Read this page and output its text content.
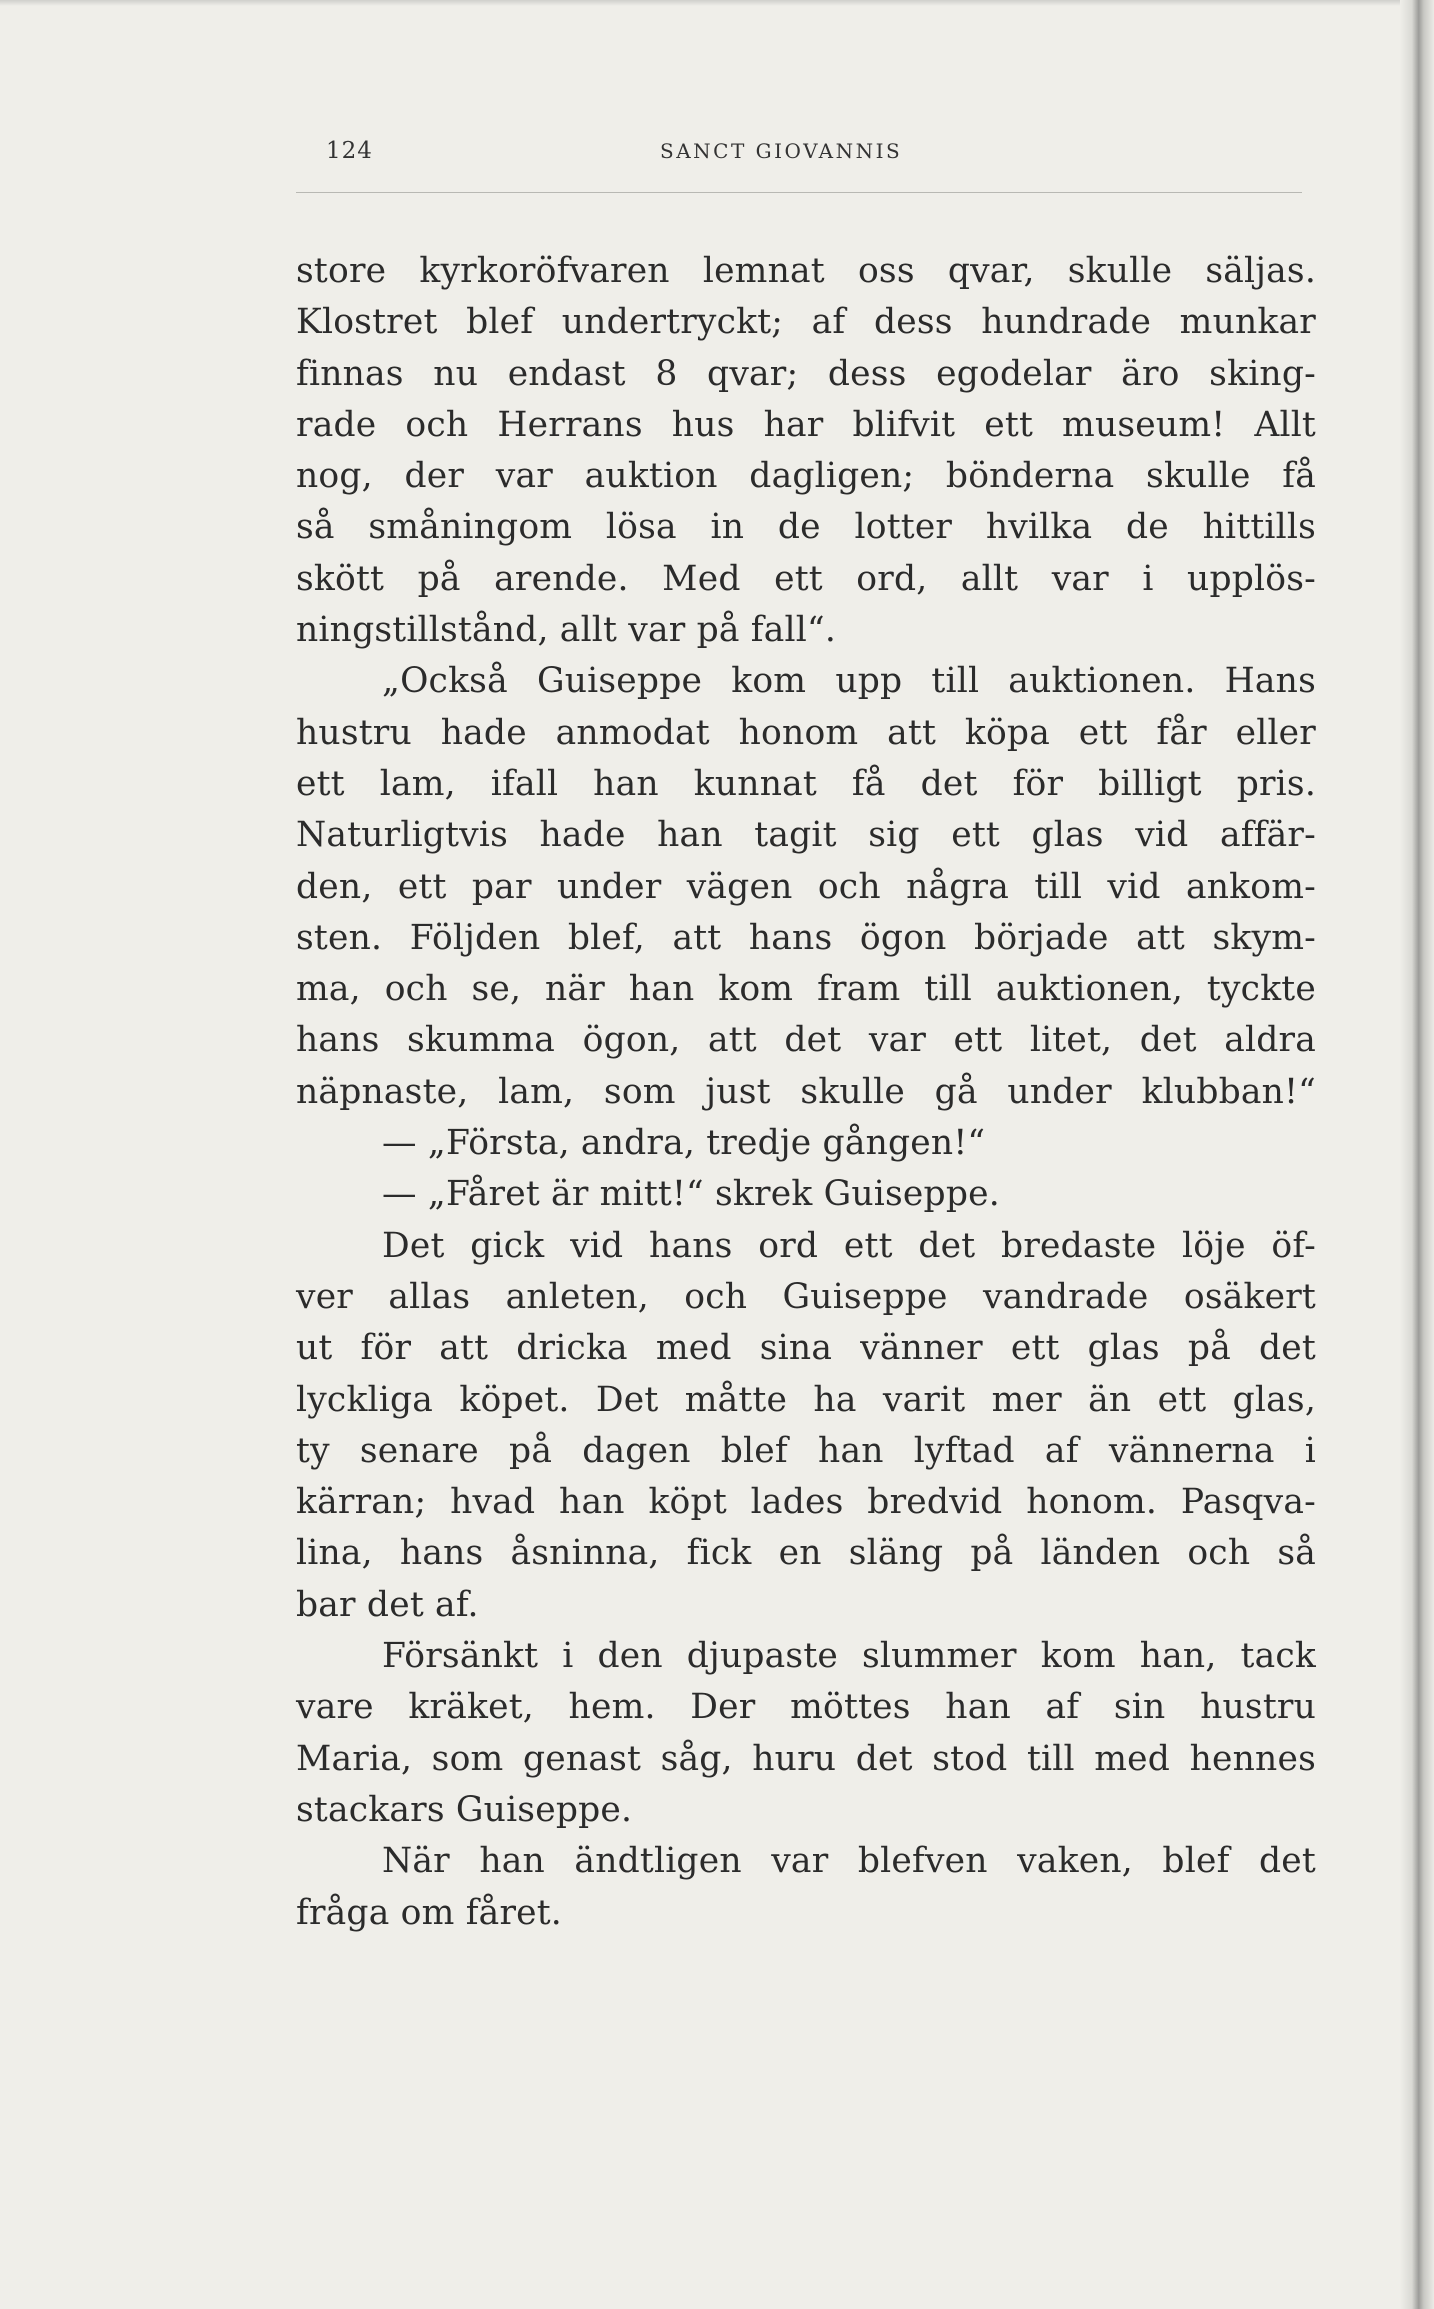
124	SANCT GIOVANNIS
store kyrkoröfvaren lemnat oss qvar, skulle säljas.
Klostret blef undertryckt; af dess hundrade munkar
finnas nu endast 8 qvar; dess egodelar äro sking-
rade och Herrans hus har blifvit ett museum! Allt
nog, der var auktion dagligen; bönderna skulle få
så småningom lösa in de lotter hvilka de hittills
skött på arende. Med ett ord, allt var i upplös-
ningstillstånd, allt var på fall“.
„Också Guiseppe kom upp till auktionen. Hans
hustru hade anmodat honom att köpa ett får eller
ett lam, ifall han kunnat få det för billigt pris.
Naturligtvis hade han tagit sig ett glas vid affär-
den, ett par under vägen och några till vid ankom-
sten. Följden blef, att hans ögon började att skym-
ma, och se, när han kom fram till auktionen, tyckte
hans skumma ögon, att det var ett litet, det aldra
näpnaste, lam, som just skulle gå under klubban!“
— „Första, andra, tredje gången!“
— „Fåret är mitt!“ skrek Guiseppe.
Det gick vid hans ord ett det bredaste löje öf-
ver allas anleten, och Guiseppe vandrade osäkert
ut för att dricka med sina vänner ett glas på det
lyckliga köpet. Det måtte ha varit mer än ett glas,
ty senare på dagen blef han lyftad af vännerna i
kärran; hvad han köpt lades bredvid honom. Pasqva-
lina, hans åsninna, fick en släng på länden och så
bar det af.
Försänkt i den djupaste slummer kom han, tack
vare kräket, hem. Der möttes han af sin hustru
Maria, som genast såg, huru det stod till med hennes
stackars Guiseppe.
När han ändtligen var blefven vaken, blef det
fråga om fåret.
